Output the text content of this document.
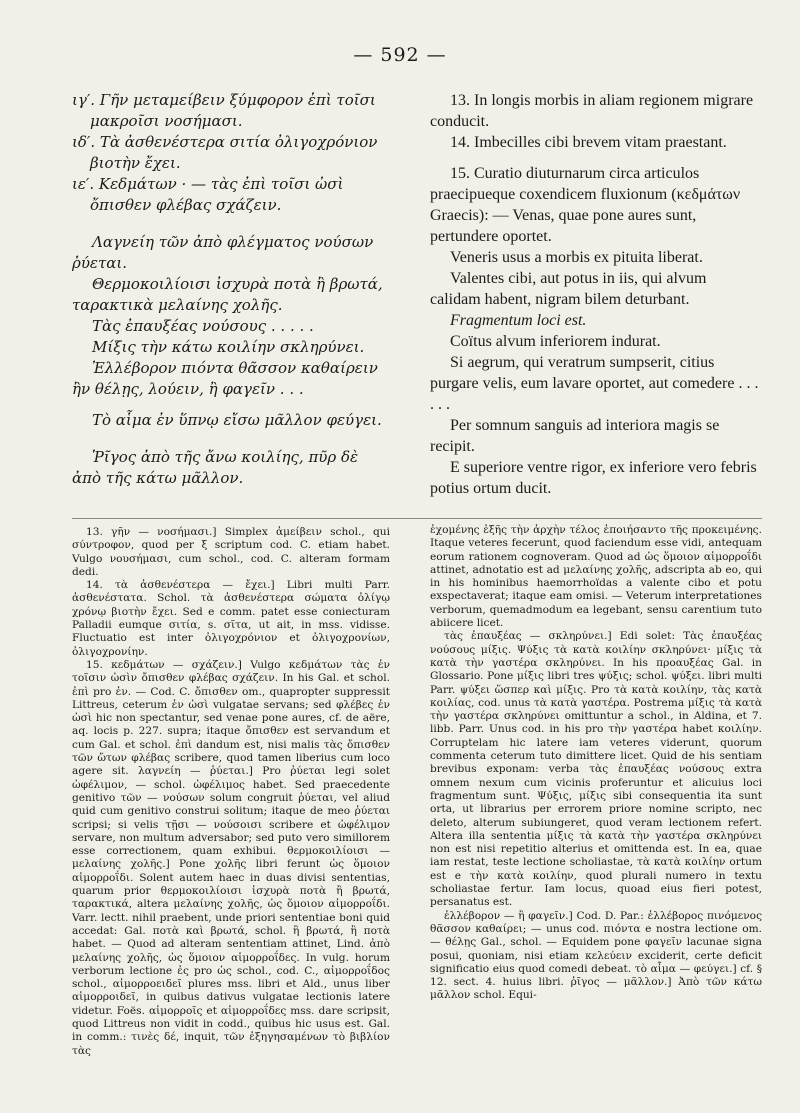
— 592 —

ιγ′. Γῆν μεταμείβειν ξύμφορον ἐπὶ τοῖσι μακροῖσι νοσήμασι.

ιδ′. Τὰ ἀσθενέστερα σιτία ὀλιγοχρόνιον βιοτὴν ἔχει.

ιε′. Κεδμάτων · — τὰς ἐπὶ τοῖσι ὠσὶ ὄπισθεν φλέβας σχάζειν.

Λαγνείη τῶν ἀπὸ φλέγματος νούσων ῥύεται.

Θερμοκοιλίοισι ἰσχυρὰ ποτὰ ἢ βρωτά, ταρακτικὰ μελαίνης χολῆς.

Τὰς ἐπαυξέας νούσους . . . . .

Μίξις τὴν κάτω κοιλίην σκληρύνει.

Ἐλλέβορον πιόντα θᾶσσον καθαίρειν ἢν θέλῃς, λούειν, ἢ φαγεῖν . . .

Τὸ αἷμα ἐν ὕπνῳ εἴσω μᾶλλον φεύγει.

Ῥῖγος ἀπὸ τῆς ἄνω κοιλίης, πῦρ δὲ ἀπὸ τῆς κάτω μᾶλλον.

13. In longis morbis in aliam regionem migrare conducit.

14. Imbecilles cibi brevem vitam praestant.

15. Curatio diuturnarum circa articulos praecipueque coxendicem fluxionum (κεδμάτων Graecis): — Venas, quae pone aures sunt, pertundere oportet.

Veneris usus a morbis ex pituita liberat.

Valentes cibi, aut potus in iis, qui alvum calidam habent, nigram bilem deturbant.

Fragmentum loci est.

Coïtus alvum inferiorem indurat.

Si aegrum, qui veratrum sumpserit, citius purgare velis, eum lavare oportet, aut comedere . . . . . .

Per somnum sanguis ad interiora magis se recipit.

E superiore ventre rigor, ex inferiore vero febris potius ortum ducit.

13. γῆν — νοσήμασι.] Simplex ἀμείβειν schol., qui σύντροφον, quod per ξ scriptum cod. C. etiam habet. Vulgo νουσήμασι, cum schol., cod. C. alteram formam dedi.

14. τὰ ἀσθενέστερα — ἔχει.] Libri multi Parr. ἀσθενέστατα. Schol. τὰ ἀσθενέστερα σώματα ὀλίγῳ χρόνῳ βιοτὴν ἔχει. Sed e comm. patet esse coniecturam Palladii eumque σιτία, s. σῖτα, ut ait, in mss. vidisse. Fluctuatio est inter ὀλιγοχρόνιον et ὀλιγοχρονίων, ὀλιγοχρονίην.

15. κεδμάτων — σχάζειν.] Vulgo κεδμάτων τὰς ἐν τοῖσιν ὠσὶν ὄπισθεν φλέβας σχάζειν. In his Gal. et schol. ἐπὶ pro ἐν. — Cod. C. ὄπισθεν om., quapropter suppressit Littreus, ceterum ἐν ὠσὶ vulgatae servans; sed φλέβες ἐν ὠσὶ hic non spectantur, sed venae pone aures, cf. de aëre, aq. locis p. 227. supra; itaque ὄπισθεν est servandum et cum Gal. et schol. ἐπὶ dandum est, nisi malis τὰς ὄπισθεν τῶν ὤτων φλέβας scribere, quod tamen liberius cum loco agere sit. λαγνείη — ῥύεται.] Pro ῥύεται legi solet ὠφέλιμον, — schol. ὠφέλιμος habet. Sed praecedente genitivo τῶν — νούσων solum congruit ῥύεται, vel aliud quid cum genitivo construi solitum; itaque de meo ῥύεται scripsi; si velis τῇσι — νούσοισι scribere et ὠφέλιμον servare, non multum adversabor; sed puto vero simillorem esse correctionem, quam exhibui. θερμοκοιλίοισι — μελαίνης χολῆς.] Pone χολῆς libri ferunt ὡς ὅμοιον αἱμορροΐδι. Solent autem haec in duas divisi sententias, quarum prior θερμοκοιλίοισι ἰσχυρὰ ποτὰ ἢ βρωτά, ταρακτικά, altera μελαίνης χολῆς, ὡς ὅμοιον αἱμορροΐδι. Varr. lectt. nihil praebent, unde priori sententiae boni quid accedat: Gal. ποτὰ καὶ βρωτά, schol. ἢ βρωτά, ἢ ποτὰ habet. — Quod ad alteram sententiam attinet, Lind. ἀπὸ μελαίνης χολῆς, ὡς ὅμοιον αἱμορροΐδες. In vulg. horum verborum lectione ἐς pro ὡς schol., cod. C., αἱμορροΐδος schol., αἱμορροειδεῖ plures mss. libri et Ald., unus liber αἱμορροιδεῖ, in quibus dativus vulgatae lectionis latere videtur. Foës. αἱμορροῖς et αἱμορροΐδες mss. dare scripsit, quod Littreus non vidit in codd., quibus hic usus est. Gal. in comm.: τινὲς δέ, inquit, τῶν ἐξηγησαμένων τὸ βιβλίον τὰς

ἐχομένης ἑξῆς τὴν ἀρχὴν τέλος ἐποιήσαντο τῆς προκειμένης. Itaque veteres fecerunt, quod faciendum esse vidi, antequam eorum rationem cognoveram. Quod ad ὡς ὅμοιον αἱμορροΐδι attinet, adnotatio est ad μελαίνης χολῆς, adscripta ab eo, qui in his hominibus haemorrhoïdas a valente cibo et potu exspectaverat; itaque eam omisi. — Veterum interpretationes verborum, quemadmodum ea legebant, sensu carentium tuto abiicere licet.

τὰς ἐπαυξέας — σκληρύνει.] Edi solet: Τὰς ἐπαυξέας νούσους μίξις. Ψύξις τὰ κατὰ κοιλίην σκληρύνει· μίξις τὰ κατὰ τὴν γαστέρα σκληρύνει. In his προαυξέας Gal. in Glossario. Pone μίξις libri tres ψύξις; schol. ψύξει. libri multi Parr. ψύξει ὥσπερ καὶ μίξις. Pro τὰ κατὰ κοιλίην, τὰς κατὰ κοιλίας, cod. unus τὰ κατὰ γαστέρα. Postrema μίξις τὰ κατὰ τὴν γαστέρα σκληρύνει omittuntur a schol., in Aldina, et 7. libb. Parr. Unus cod. in his pro τὴν γαστέρα habet κοιλίην. Corruptelam hic latere iam veteres viderunt, quorum commenta ceterum tuto dimittere licet. Quid de his sentiam brevibus exponam: verba τὰς ἐπαυξέας νούσους extra omnem nexum cum vicinis proferuntur et alicuius loci fragmentum sunt. Ψύξις, μίξις sibi consequentia ita sunt orta, ut librarius per errorem priore nomine scripto, nec deleto, alterum subiungeret, quod veram lectionem refert. Altera illa sententia μίξις τὰ κατὰ τὴν γαστέρα σκληρύνει non est nisi repetitio alterius et omittenda est. In ea, quae iam restat, teste lectione scholiastae, τὰ κατὰ κοιλίην ortum est e τὴν κατὰ κοιλίην, quod plurali numero in textu scholiastae fertur. Iam locus, quoad eius fieri potest, persanatus est.

ἐλλέβορον — ἢ φαγεῖν.] Cod. D. Par.: ἐλλέβορος πινόμενος θᾶσσον καθαίρει; — unus cod. πιόντα e nostra lectione om. — θέλῃς Gal., schol. — Equidem pone φαγεῖν lacunae signa posui, quoniam, nisi etiam κελεύειν exciderit, certe deficit significatio eius quod comedi debeat. τὸ αἷμα — φεύγει.] cf. § 12. sect. 4. huius libri. ῥῖγος — μᾶλλον.] Ἀπὸ τῶν κάτω μᾶλλον schol. Equi-
